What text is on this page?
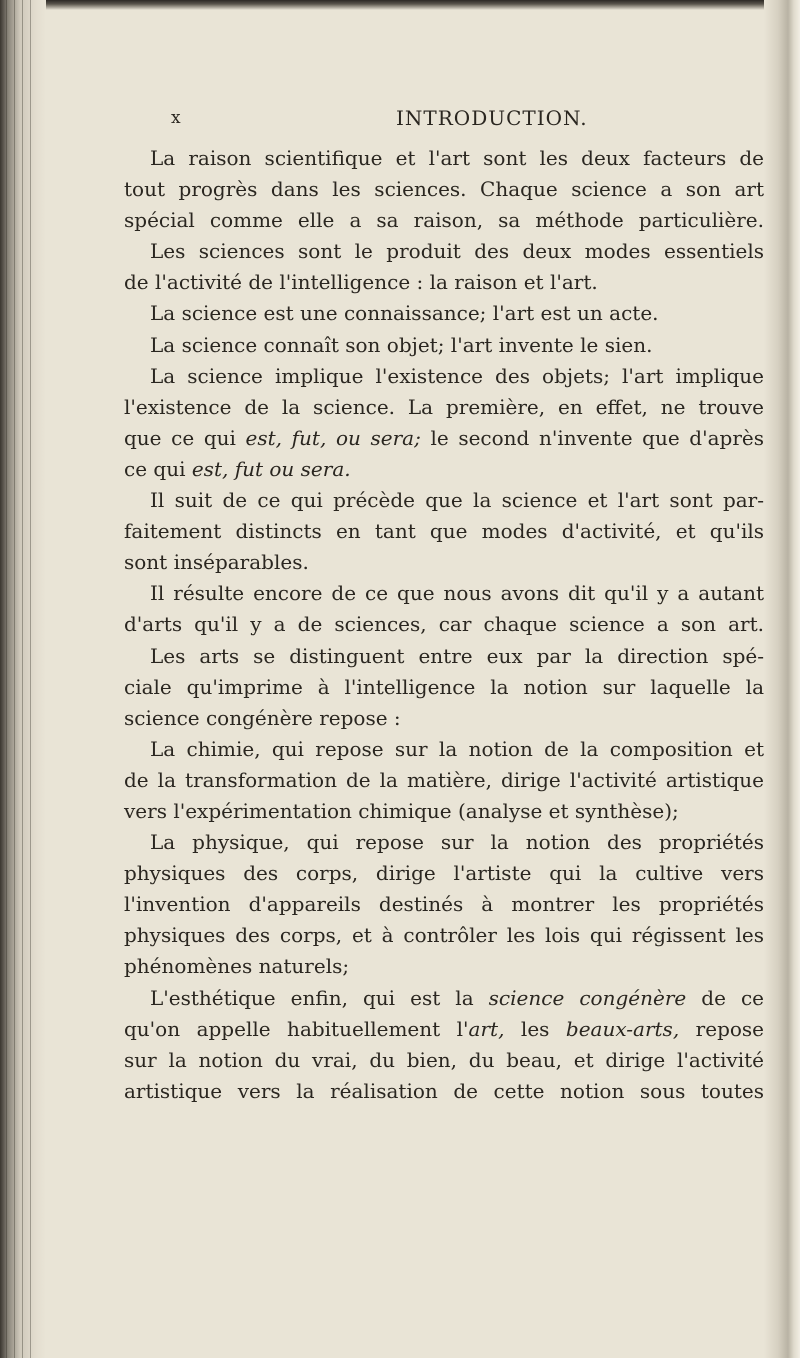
x	INTRODUCTION.
La raison scientifique et l'art sont les deux facteurs de
tout progrès dans les sciences. Chaque science a son art
spécial comme elle a sa raison, sa méthode particulière.
Les sciences sont le produit des deux modes essentiels
de l'activité de l'intelligence : la raison et l'art.
La science est une connaissance; l'art est un acte.
La science connaît son objet; l'art invente le sien.
La science implique l'existence des objets; l'art implique
l'existence de la science. La première, en effet, ne trouve
que ce qui est, fut, ou sera; le second n'invente que d'après
ce qui est, fut ou sera.
Il suit de ce qui précède que la science et l'art sont par-
faitement distincts en tant que modes d'activité, et qu'ils
sont inséparables.
Il résulte encore de ce que nous avons dit qu'il y a autant
d'arts qu'il y a de sciences, car chaque science a son art.
Les arts se distinguent entre eux par la direction spé-
ciale qu'imprime à l'intelligence la notion sur laquelle la
science congénère repose :
La chimie, qui repose sur la notion de la composition et
de la transformation de la matière, dirige l'activité artistique
vers l'expérimentation chimique (analyse et synthèse);
La physique, qui repose sur la notion des propriétés
physiques des corps, dirige l'artiste qui la cultive vers
l'invention d'appareils destinés à montrer les propriétés
physiques des corps, et à contrôler les lois qui régissent les
phénomènes naturels;
L'esthétique enfin, qui est la science congénère de ce
qu'on appelle habituellement l'art, les beaux-arts, repose
sur la notion du vrai, du bien, du beau, et dirige l'activité
artistique vers la réalisation de cette notion sous toutes
